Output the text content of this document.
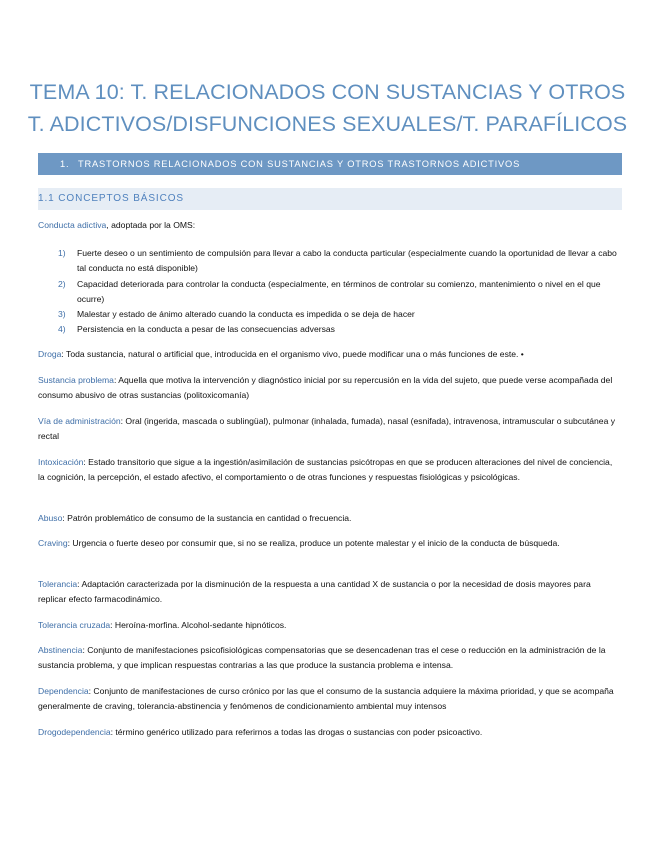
TEMA 10: T. RELACIONADOS CON SUSTANCIAS Y OTROS T. ADICTIVOS/DISFUNCIONES SEXUALES/T. PARAFÍLICOS
1. TRASTORNOS RELACIONADOS CON SUSTANCIAS Y OTROS TRASTORNOS ADICTIVOS
1.1 CONCEPTOS BÁSICOS
Conducta adictiva, adoptada por la OMS:
1) Fuerte deseo o un sentimiento de compulsión para llevar a cabo la conducta particular (especialmente cuando la oportunidad de llevar a cabo tal conducta no está disponible)
2) Capacidad deteriorada para controlar la conducta (especialmente, en términos de controlar su comienzo, mantenimiento o nivel en el que ocurre)
3) Malestar y estado de ánimo alterado cuando la conducta es impedida o se deja de hacer
4) Persistencia en la conducta a pesar de las consecuencias adversas
Droga: Toda sustancia, natural o artificial que, introducida en el organismo vivo, puede modificar una o más funciones de este. •
Sustancia problema: Aquella que motiva la intervención y diagnóstico inicial por su repercusión en la vida del sujeto, que puede verse acompañada del consumo abusivo de otras sustancias (politoxicomanía)
Vía de administración: Oral (ingerida, mascada o sublingüal), pulmonar (inhalada, fumada), nasal (esnifada), intravenosa, intramuscular o subcutánea y rectal
Intoxicación: Estado transitorio que sigue a la ingestión/asimilación de sustancias psicótropas en que se producen alteraciones del nivel de conciencia, la cognición, la percepción, el estado afectivo, el comportamiento o de otras funciones y respuestas fisiológicas y psicológicas.
Abuso: Patrón problemático de consumo de la sustancia en cantidad o frecuencia.
Craving: Urgencia o fuerte deseo por consumir que, si no se realiza, produce un potente malestar y el inicio de la conducta de búsqueda.
Tolerancia: Adaptación caracterizada por la disminución de la respuesta a una cantidad X de sustancia o por la necesidad de dosis mayores para replicar efecto farmacodinámico.
Tolerancia cruzada: Heroína-morfina. Alcohol-sedante hipnóticos.
Abstinencia: Conjunto de manifestaciones psicofisiológicas compensatorias que se desencadenan tras el cese o reducción en la administración de la sustancia problema, y que implican respuestas contrarias a las que produce la sustancia problema e intensa.
Dependencia: Conjunto de manifestaciones de curso crónico por las que el consumo de la sustancia adquiere la máxima prioridad, y que se acompaña generalmente de craving, tolerancia-abstinencia y fenómenos de condicionamiento ambiental muy intensos
Drogodependencia: término genérico utilizado para referirnos a todas las drogas o sustancias con poder psicoactivo.
